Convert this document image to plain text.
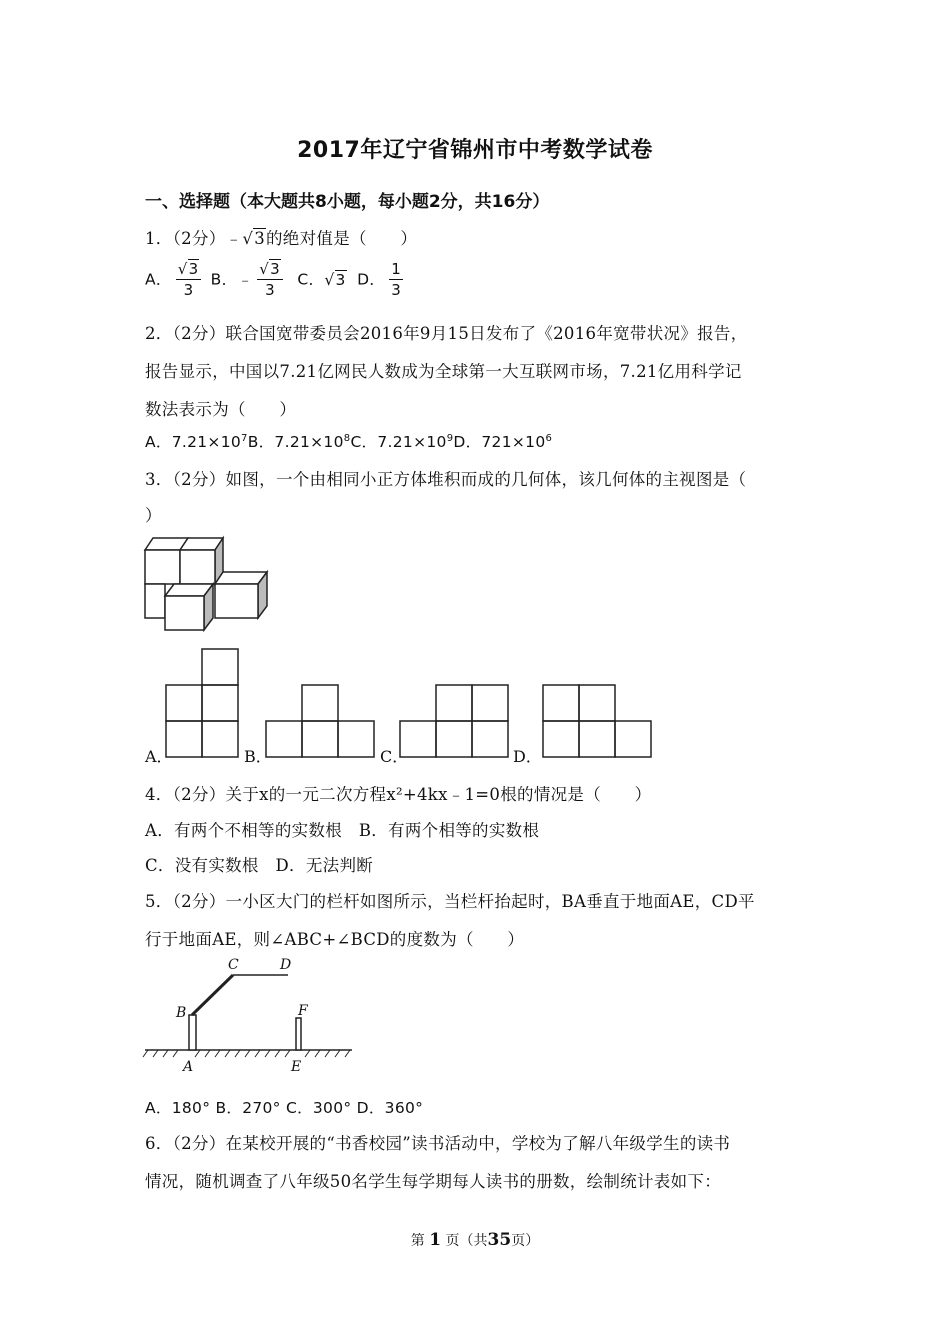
2017年辽宁省锦州市中考数学试卷
一、选择题（本大题共8小题，每小题2分，共16分）
1．（2分）﹣√3的绝对值是（　　）
A． $\frac{√3}{3}$ B．﹣ $\frac{√3}{3}$ C．√3 D． $\frac{1}{3}$
2．（2分）联合国宽带委员会2016年9月15日发布了《2016年宽带状况》报告，
报告显示，中国以7.21亿网民人数成为全球第一大互联网市场，7.21亿用科学记
数法表示为（　　）
A．$7.21\times 10^7B$．$7.21\times 10^8C$．$7.21\times 10^9D$．$721\times 10^6$
3．（2分）如图，一个由相同小正方体堆积而成的几何体，该几何体的主视图是（
）
A．	B．	C．	D．
4．（2分）关于x的一元二次方程x²+4kx﹣1=0根的情况是（　　）
A．有两个不相等的实数根　B．有两个相等的实数根
C．没有实数根　D．无法判断
5．（2分）一小区大门的栏杆如图所示，当栏杆抬起时，BA垂直于地面AE，CD平
行于地面AE，则∠ABC+∠BCD的度数为（　　）
C	D
B	F
A	E
A．180° B．270° C．300° D．360°
6．（2分）在某校开展的“书香校园”读书活动中，学校为了解八年级学生的读书
情况，随机调查了八年级50名学生每学期每人读书的册数，绘制统计表如下：
第 1 页（共35页）
